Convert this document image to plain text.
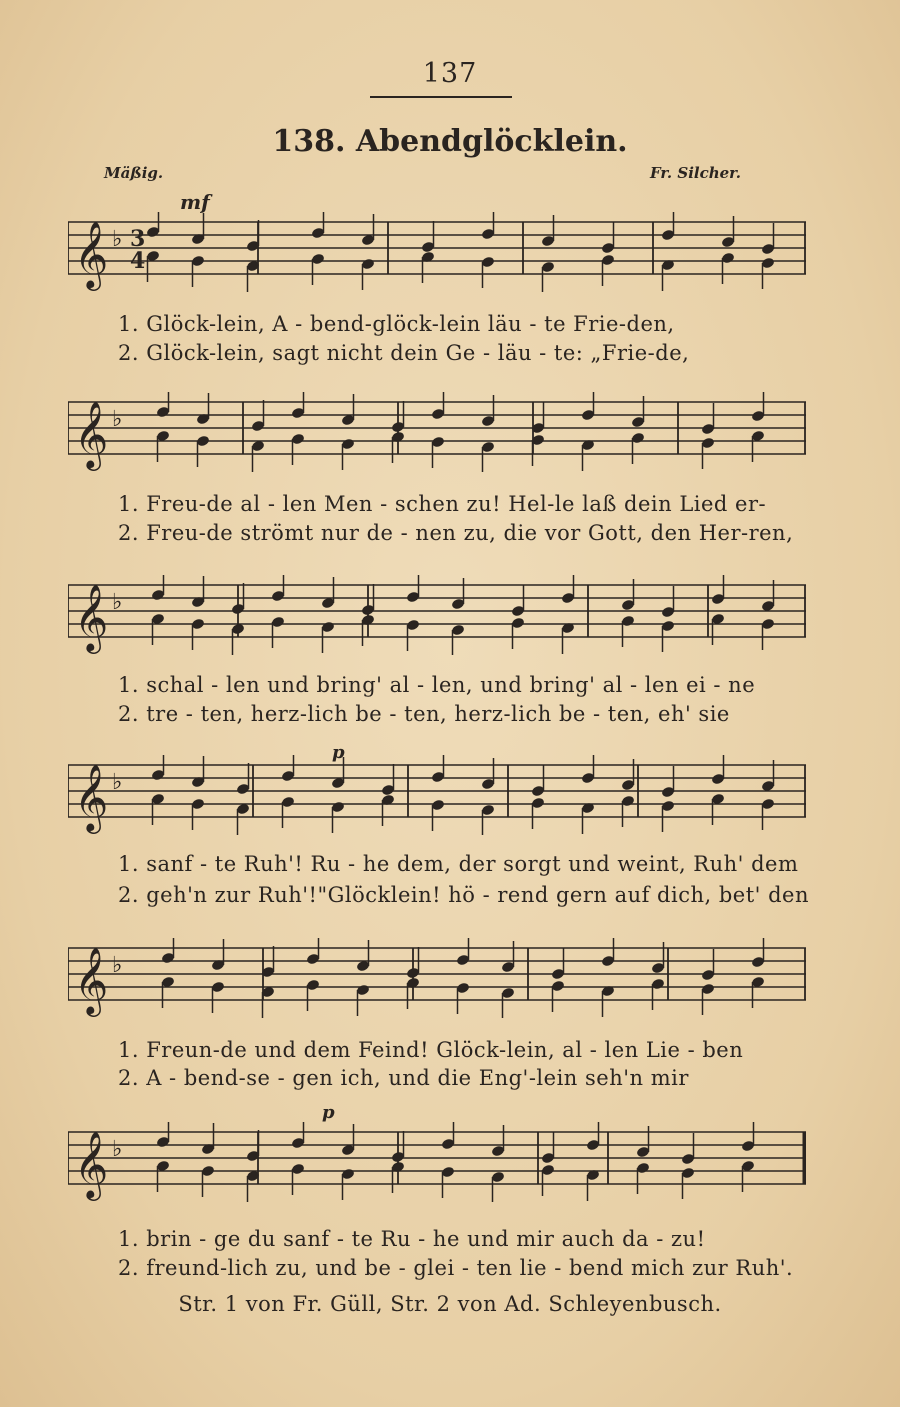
137
138. Abendglöcklein.
Mäßig.	Fr. Silcher.
𝄞 ♭ 3
4
𝄞 ♭
𝄞 ♭
𝄞 ♭
𝄞 ♭
𝄞 ♭
mf
p
p
1. Glöck-lein, A - bend-glöck-lein läu - te Frie-den,
2. Glöck-lein, sagt nicht dein Ge - läu - te: „Frie-de,
1. Freu-de al - len Men - schen zu! Hel-le laß dein Lied er-
2. Freu-de strömt nur de - nen zu, die vor Gott, den Her-ren,
1. schal - len und bring' al - len, und bring' al - len ei - ne
2. tre - ten, herz-lich be - ten, herz-lich be - ten, eh' sie
1. sanf - te Ruh'! Ru - he dem, der sorgt und weint, Ruh' dem
2. geh'n zur Ruh'!"Glöcklein! hö - rend gern auf dich, bet' den
1. Freun-de und dem Feind! Glöck-lein, al - len Lie - ben
2. A - bend-se - gen ich, und die Eng'-lein seh'n mir
1. brin - ge du sanf - te Ru - he und mir auch da - zu!
2. freund-lich zu, und be - glei - ten lie - bend mich zur Ruh'.
Str. 1 von Fr. Güll, Str. 2 von Ad. Schleyenbusch.
